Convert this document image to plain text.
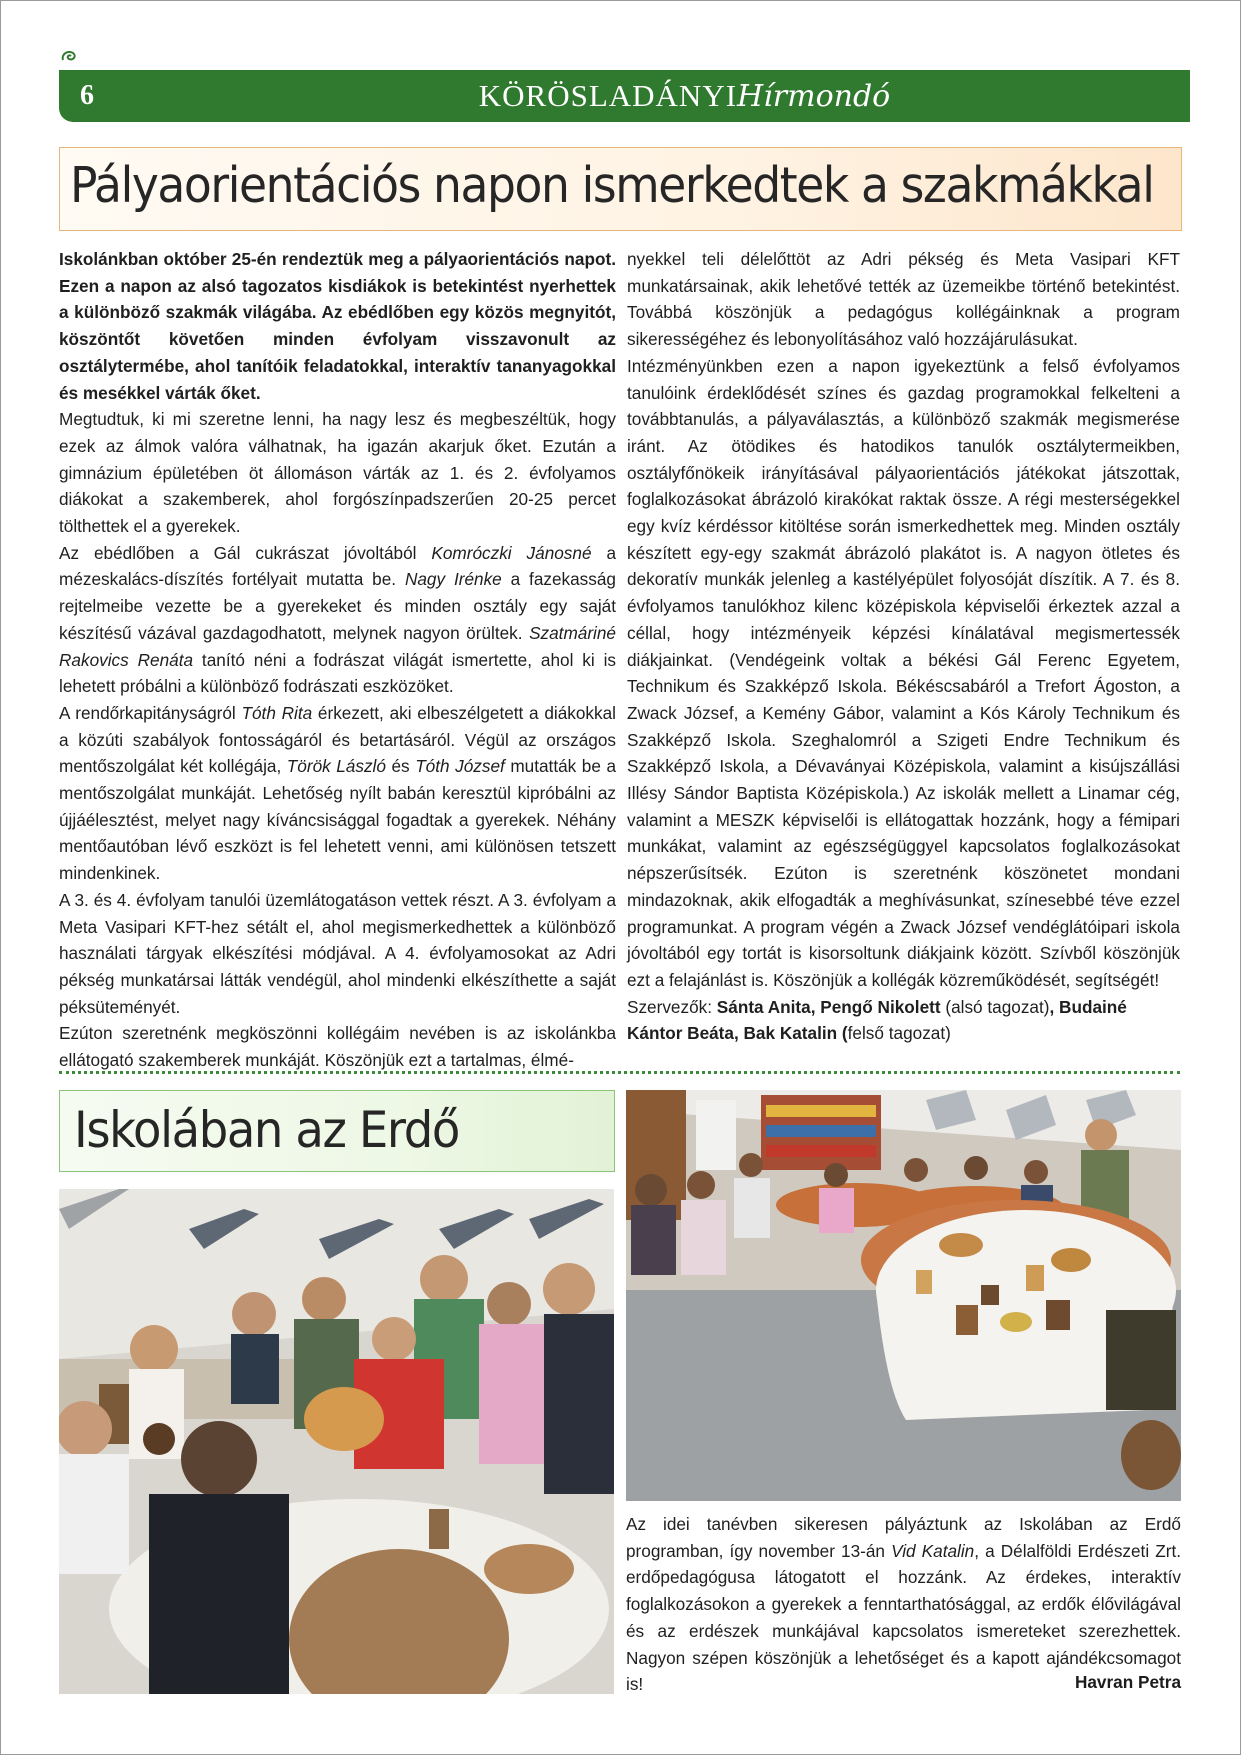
6	KÖRÖSLADÁNYIHírmondó
Pályaorientációs napon ismerkedtek a szakmákkal

Iskolánkban október 25-én rendeztük meg a pályaorientációs napot. Ezen a napon az alsó tagozatos kisdiákok is betekintést nyerhettek a különböző szakmák világába. Az ebédlőben egy közös megnyitót, köszöntőt követően minden évfolyam visszavonult az osztálytermébe, ahol tanítóik feladatokkal, interaktív tananyagokkal és mesékkel várták őket.

Megtudtuk, ki mi szeretne lenni, ha nagy lesz és megbeszéltük, hogy ezek az álmok valóra válhatnak, ha igazán akarjuk őket. Ezután a gimnázium épületében öt állomáson várták az 1. és 2. évfolyamos diákokat a szakemberek, ahol forgószínpadszerűen 20-25 percet tölthettek el a gyerekek.

Az ebédlőben a Gál cukrászat jóvoltából Komróczki Jánosné a mézeskalács-díszítés fortélyait mutatta be. Nagy Irénke a fazekasság rejtelmeibe vezette be a gyerekeket és minden osztály egy saját készítésű vázával gazdagodhatott, melynek nagyon örültek. Szatmáriné Rakovics Renáta tanító néni a fodrászat világát ismertette, ahol ki is lehetett próbálni a különböző fodrászati eszközöket.

A rendőrkapitányságról Tóth Rita érkezett, aki elbeszélgetett a diákokkal a közúti szabályok fontosságáról és betartásáról. Végül az országos mentőszolgálat két kollégája, Török László és Tóth József mutatták be a mentőszolgálat munkáját. Lehetőség nyílt babán keresztül kipróbálni az újjáélesztést, melyet nagy kíváncsisággal fogadtak a gyerekek. Néhány mentőautóban lévő eszközt is fel lehetett venni, ami különösen tetszett mindenkinek.

A 3. és 4. évfolyam tanulói üzemlátogatáson vettek részt. A 3. évfolyam a Meta Vasipari KFT-hez sétált el, ahol megismerkedhettek a különböző használati tárgyak elkészítési módjával. A 4. évfolyamosokat az Adri pékség munkatársai látták vendégül, ahol mindenki elkészíthette a saját péksüteményét.

Ezúton szeretnénk megköszönni kollégáim nevében is az iskolánkba ellátogató szakemberek munkáját. Köszönjük ezt a tartalmas, élmé-

nyekkel teli délelőttöt az Adri pékség és Meta Vasipari KFT munkatársainak, akik lehetővé tették az üzemeikbe történő betekintést. Továbbá köszönjük a pedagógus kollégáinknak a program sikerességéhez és lebonyolításához való hozzájárulásukat.

Intézményünkben ezen a napon igyekeztünk a felső évfolyamos tanulóink érdeklődését színes és gazdag programokkal felkelteni a továbbtanulás, a pályaválasztás, a különböző szakmák megismerése iránt. Az ötödikes és hatodikos tanulók osztálytermeikben, osztályfőnökeik irányításával pályaorientációs játékokat játszottak, foglalkozásokat ábrázoló kirakókat raktak össze. A régi mesterségekkel egy kvíz kérdéssor kitöltése során ismerkedhettek meg. Minden osztály készített egy-egy szakmát ábrázoló plakátot is. A nagyon ötletes és dekoratív munkák jelenleg a kastélyépület folyosóját díszítik. A 7. és 8. évfolyamos tanulókhoz kilenc középiskola képviselői érkeztek azzal a céllal, hogy intézményeik képzési kínálatával megismertessék diákjainkat. (Vendégeink voltak a békési Gál Ferenc Egyetem, Technikum és Szakképző Iskola. Békéscsabáról a Trefort Ágoston, a Zwack József, a Kemény Gábor, valamint a Kós Károly Technikum és Szakképző Iskola. Szeghalomról a Szigeti Endre Technikum és Szakképző Iskola, a Dévaványai Középiskola, valamint a kisújszállási Illésy Sándor Baptista Középiskola.) Az iskolák mellett a Linamar cég, valamint a MESZK képviselői is ellátogattak hozzánk, hogy a fémipari munkákat, valamint az egészségüggyel kapcsolatos foglalkozásokat népszerűsítsék. Ezúton is szeretnénk köszönetet mondani mindazoknak, akik elfogadták a meghívásunkat, színesebbé téve ezzel programunkat. A program végén a Zwack József vendéglátóipari iskola jóvoltából egy tortát is kisorsoltunk diákjaink között. Szívből köszönjük ezt a felajánlást is. Köszönjük a kollégák közreműködését, segítségét!

Szervezők: Sánta Anita, Pengő Nikolett (alsó tagozat), Budainé Kántor Beáta, Bak Katalin (felső tagozat)

Iskolában az Erdő

Az idei tanévben sikeresen pályáztunk az Iskolában az Erdő programban, így november 13-án Vid Katalin, a Délalföldi Erdészeti Zrt. erdőpedagógusa látogatott el hozzánk. Az érdekes, interaktív foglalkozásokon a gyerekek a fenntarthatósággal, az erdők élővilágával és az erdészek munkájával kapcsolatos ismereteket szerezhettek. Nagyon szépen köszönjük a lehetőséget és a kapott ajándékcsomagot is!	Havran Petra
